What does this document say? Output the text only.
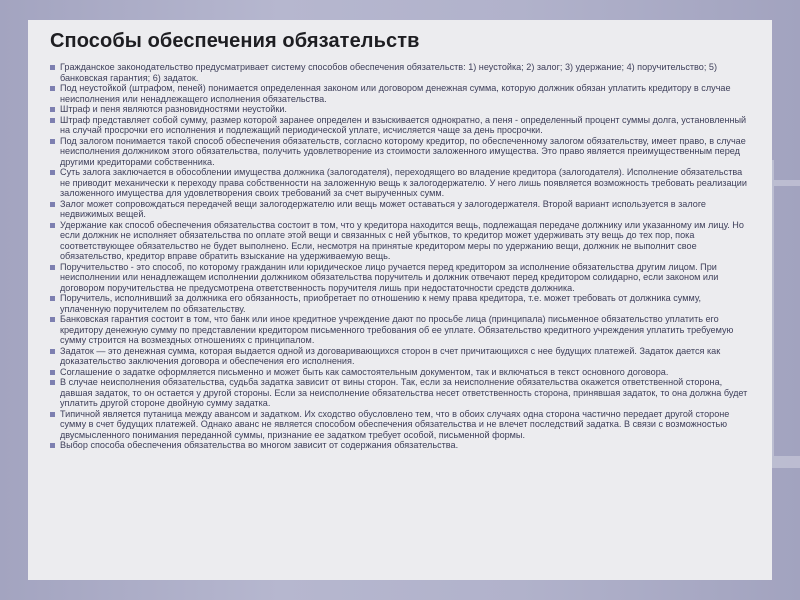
Способы обеспечения обязательств
Гражданское законодательство предусматривает систему способов обеспечения обязательств: 1) неустойка; 2) залог; 3) удержание; 4) поручительство; 5) банковская гарантия; 6) задаток.
Под неустойкой (штрафом, пеней) понимается определенная законом или договором денежная сумма, которую должник обязан уплатить кредитору в случае неисполнения или ненадлежащего исполнения обязательства.
Штраф и пеня являются разновидностями неустойки.
Штраф представляет собой сумму, размер которой заранее определен и взыскивается однократно, а пеня - определенный процент суммы долга, установленный на случай просрочки его исполнения и подлежащий периодической уплате, исчисляется чаще за день просрочки.
Под залогом понимается такой способ обеспечения обязательств, согласно которому кредитор, по обеспеченному залогом обязательству, имеет право, в случае неисполнения должником этого обязательства, получить удовлетворение из стоимости заложенного имущества. Это право является преимущественным перед другими кредиторами собственника.
Суть залога заключается в обособлении имущества должника (залогодателя), переходящего во владение кредитора (залогодателя). Исполнение обязательства не приводит механически к переходу права собственности на заложенную вещь к залогодержателю. У него лишь появляется возможность требовать реализации заложенного имущества для удовлетворения своих требований за счет вырученных сумм.
Залог может сопровождаться передачей вещи залогодержателю или вещь может оставаться у залогодержателя. Второй вариант используется в залоге недвижимых вещей.
Удержание как способ обеспечения обязательства состоит в том, что у кредитора находится вещь, подлежащая передаче должнику или указанному им лицу. Но если должник не исполняет обязательства по оплате этой вещи и связанных с ней убытков, то кредитор может удерживать эту вещь до тех пор, пока соответствующее обязательство не будет выполнено. Если, несмотря на принятые кредитором меры по удержанию вещи, должник не выполнит свое обязательство, кредитор вправе обратить взыскание на удерживаемую вещь.
Поручительство - это способ, по которому гражданин или юридическое лицо ручается перед кредитором за исполнение обязательства другим лицом. При неисполнении или ненадлежащем исполнении должником обязательства поручитель и должник отвечают перед кредитором солидарно, если законом или договором поручительства не предусмотрена ответственность поручителя лишь при недостаточности средств должника.
Поручитель, исполнивший за должника его обязанность, приобретает по отношению к нему права кредитора, т.е. может требовать от должника сумму, уплаченную поручителем по обязательству.
Банковская гарантия состоит в том, что банк или иное кредитное учреждение дают по просьбе лица (принципала) письменное обязательство уплатить его кредитору денежную сумму по представлении кредитором письменного требования об ее уплате. Обязательство кредитного учреждения уплатить требуемую сумму строится на возмездных отношениях с принципалом.
Задаток — это денежная сумма, которая выдается одной из договаривающихся сторон в счет причитающихся с нее будущих платежей. Задаток дается как доказательство заключения договора и обеспечения его исполнения.
Соглашение о задатке оформляется письменно и может быть как самостоятельным документом, так и включаться в текст основного договора.
В случае неисполнения обязательства, судьба задатка зависит от вины сторон. Так, если за неисполнение обязательства окажется ответственной сторона, давшая задаток, то он остается у другой стороны. Если за неисполнение обязательства несет ответственность сторона, принявшая задаток, то она должна будет уплатить другой стороне двойную сумму задатка.
Типичной является путаница между авансом и задатком. Их сходство обусловлено тем, что в обоих случаях одна сторона частично передает другой стороне сумму в счет будущих платежей. Однако аванс не является способом обеспечения обязательства и не влечет последствий задатка. В связи с возможностью двусмысленного понимания переданной суммы, признание ее задатком требует особой, письменной формы.
Выбор способа обеспечения обязательства во многом зависит от содержания обязательства.
